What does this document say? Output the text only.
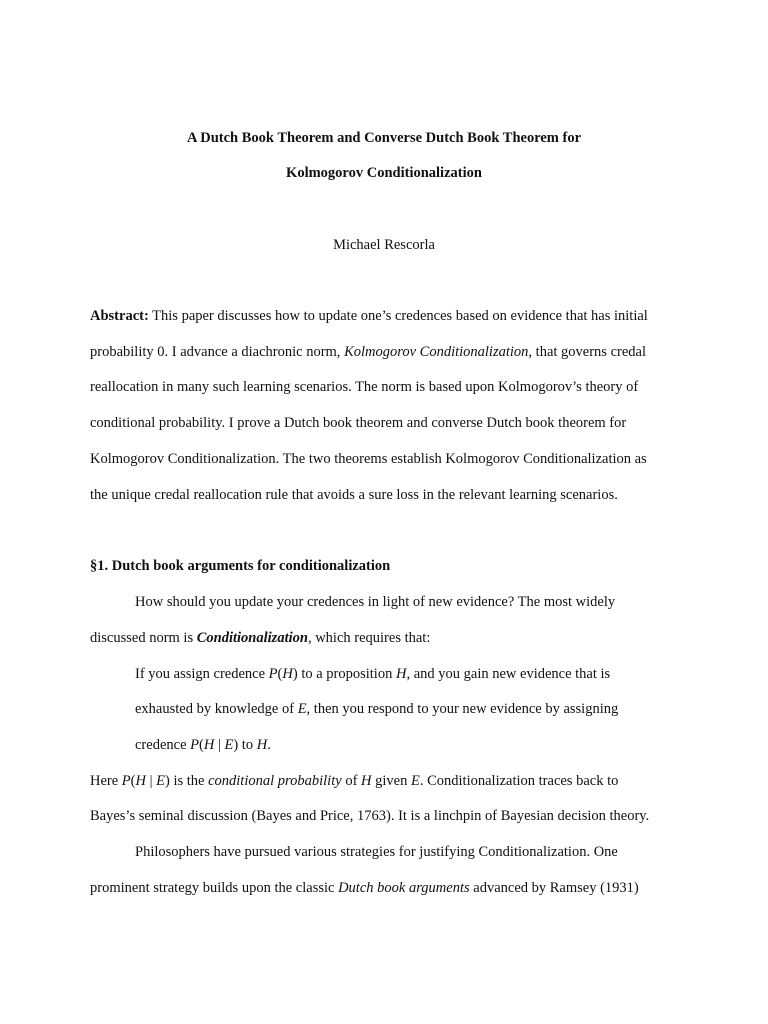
A Dutch Book Theorem and Converse Dutch Book Theorem for
Kolmogorov Conditionalization
Michael Rescorla
Abstract: This paper discusses how to update one’s credences based on evidence that has initial
probability 0. I advance a diachronic norm, Kolmogorov Conditionalization, that governs credal
reallocation in many such learning scenarios. The norm is based upon Kolmogorov’s theory of
conditional probability. I prove a Dutch book theorem and converse Dutch book theorem for
Kolmogorov Conditionalization. The two theorems establish Kolmogorov Conditionalization as
the unique credal reallocation rule that avoids a sure loss in the relevant learning scenarios.
§1. Dutch book arguments for conditionalization
How should you update your credences in light of new evidence? The most widely
discussed norm is Conditionalization, which requires that:
If you assign credence P(H) to a proposition H, and you gain new evidence that is
exhausted by knowledge of E, then you respond to your new evidence by assigning
credence P(H | E) to H.
Here P(H | E) is the conditional probability of H given E. Conditionalization traces back to
Bayes’s seminal discussion (Bayes and Price, 1763). It is a linchpin of Bayesian decision theory.
Philosophers have pursued various strategies for justifying Conditionalization. One
prominent strategy builds upon the classic Dutch book arguments advanced by Ramsey (1931)
